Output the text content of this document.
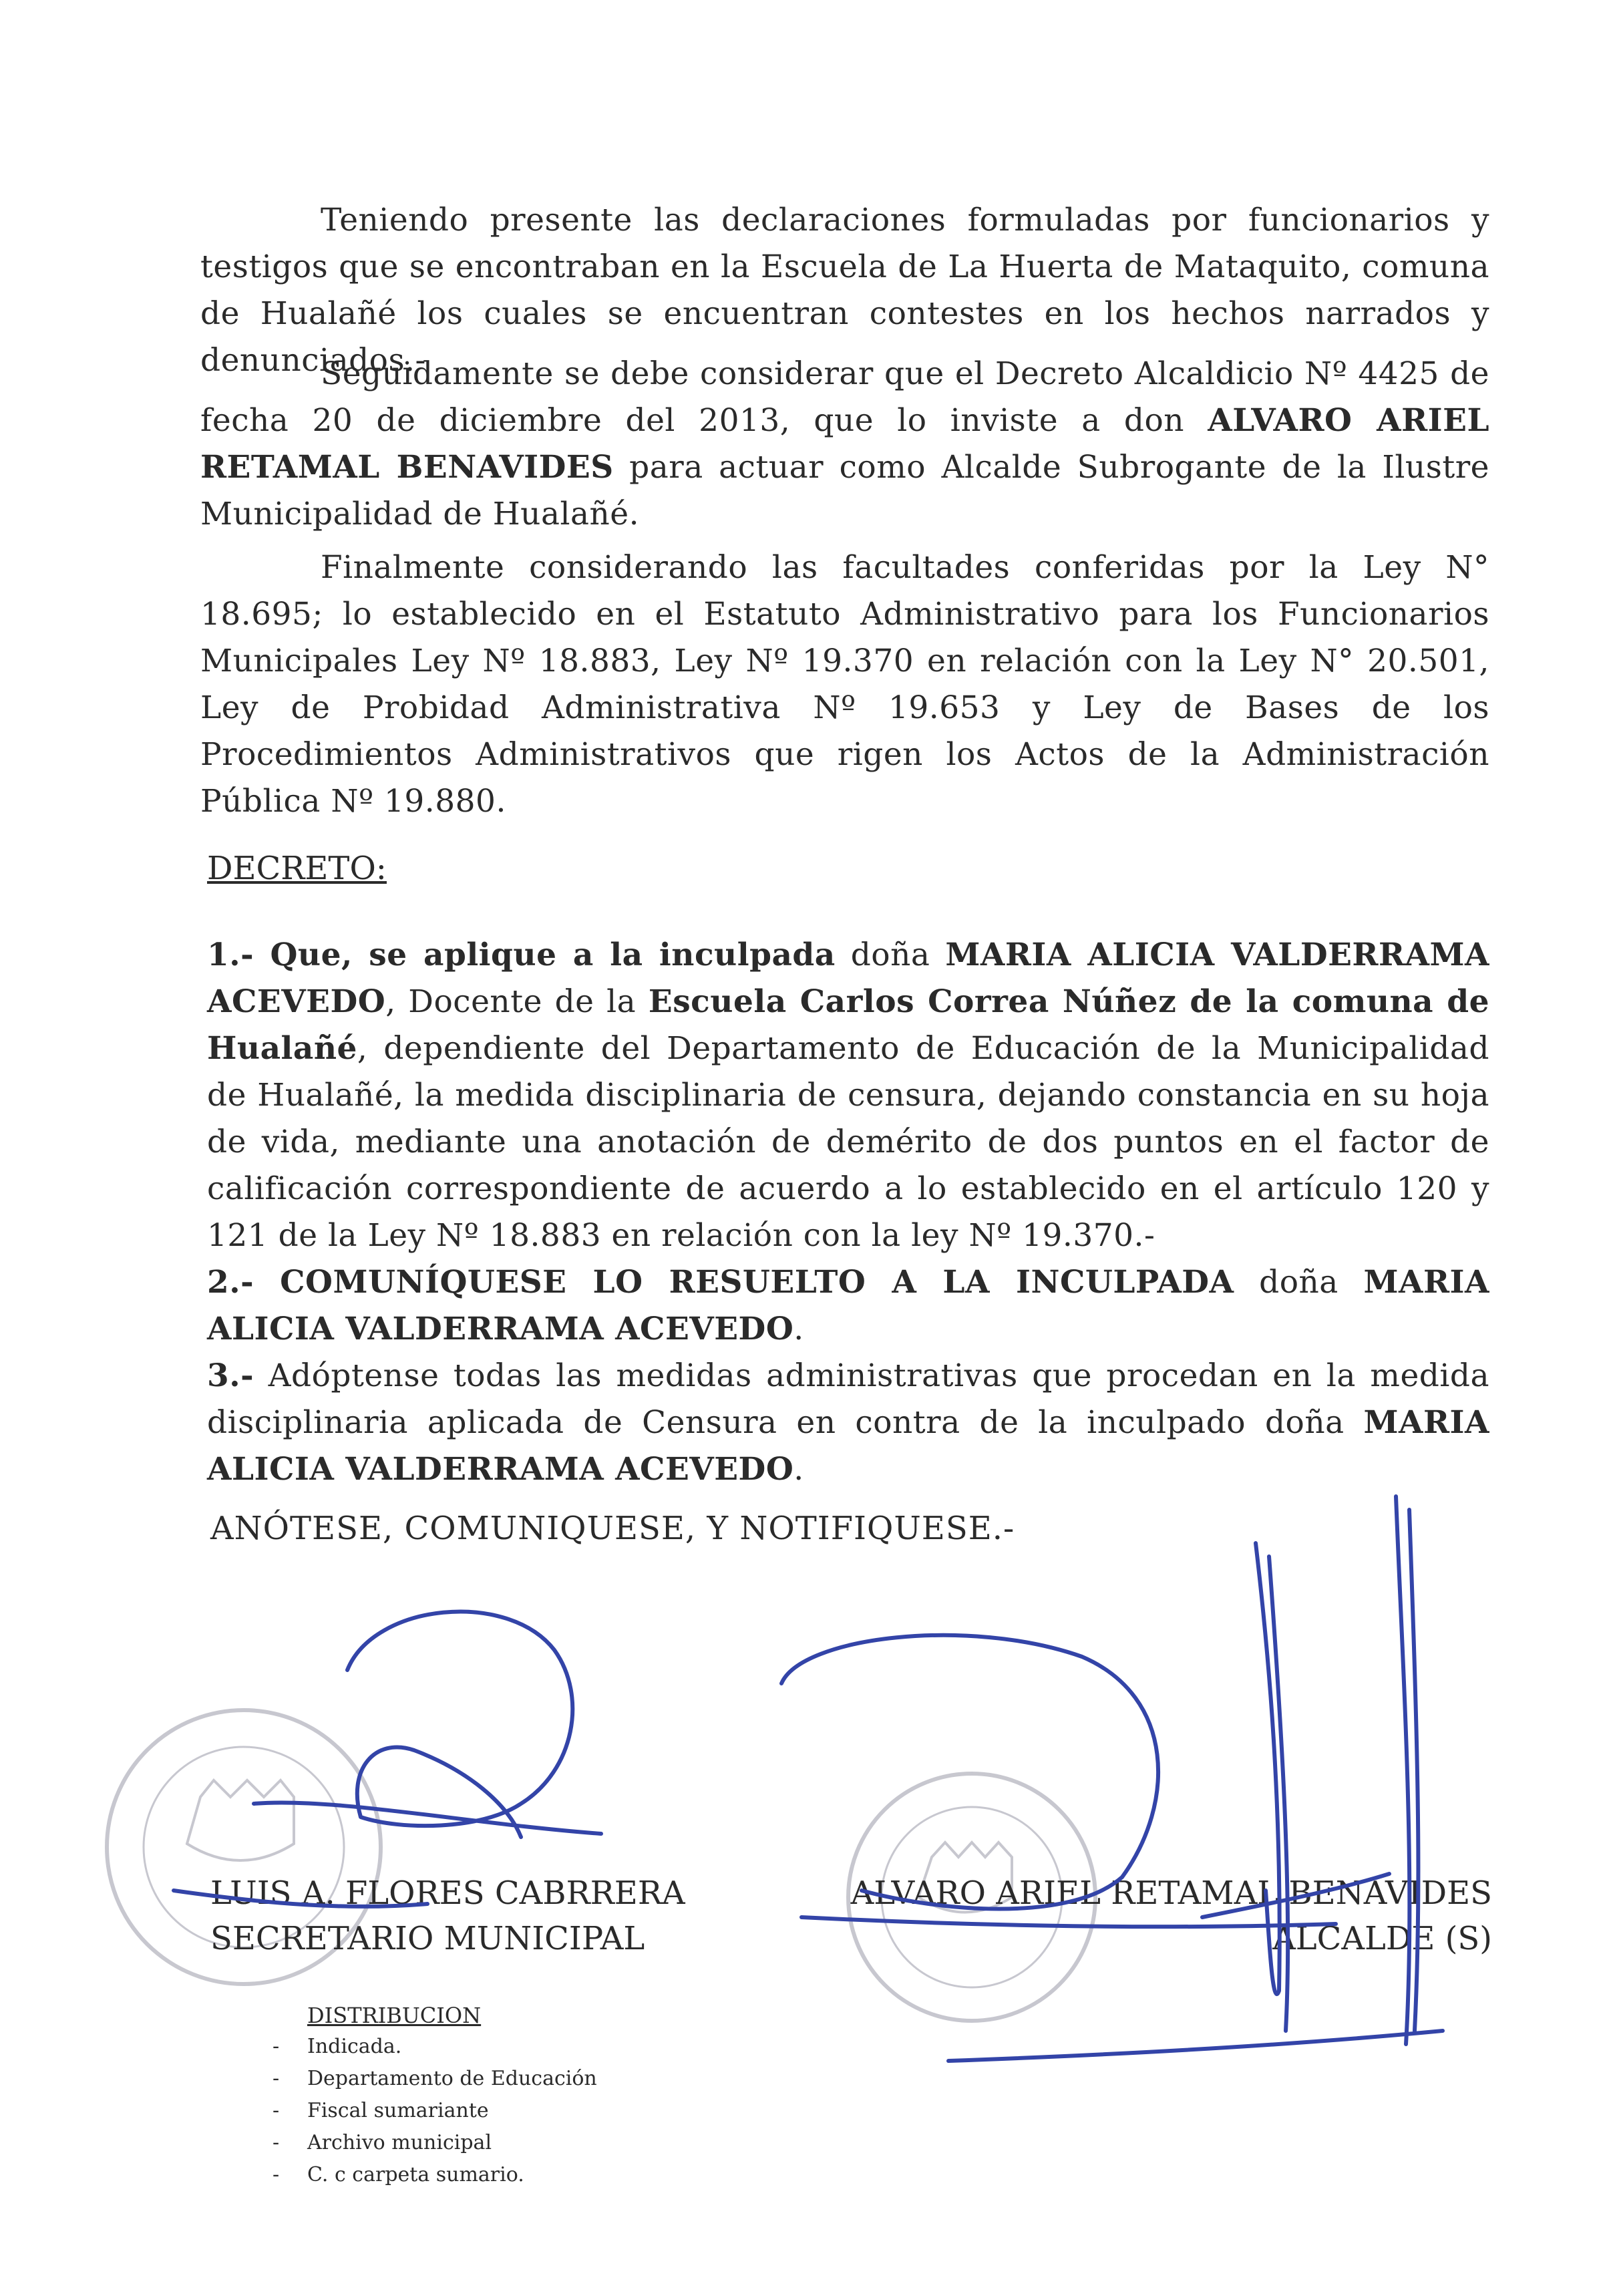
Teniendo presente las declaraciones formuladas por funcionarios y testigos que se encontraban en la Escuela de La Huerta de Mataquito, comuna de Hualañé los cuales se encuentran contestes en los hechos narrados y denunciados.-
Seguidamente se debe considerar que el Decreto Alcaldicio Nº 4425 de fecha 20 de diciembre del 2013, que lo inviste a don ALVARO ARIEL RETAMAL BENAVIDES para actuar como Alcalde Subrogante de la Ilustre Municipalidad de Hualañé.
Finalmente considerando las facultades conferidas por la Ley N° 18.695; lo establecido en el Estatuto Administrativo para los Funcionarios Municipales Ley Nº 18.883, Ley Nº 19.370 en relación con la Ley N° 20.501, Ley de Probidad Administrativa Nº 19.653 y Ley de Bases de los Procedimientos Administrativos que rigen los Actos de la Administración Pública Nº 19.880.
DECRETO:
1.- Que, se aplique a la inculpada doña MARIA ALICIA VALDERRAMA ACEVEDO, Docente de la Escuela Carlos Correa Núñez de la comuna de Hualañé, dependiente del Departamento de Educación de la Municipalidad de Hualañé, la medida disciplinaria de censura, dejando constancia en su hoja de vida, mediante una anotación de demérito de dos puntos en el factor de calificación correspondiente de acuerdo a lo establecido en el artículo 120 y 121 de la Ley Nº 18.883 en relación con la ley Nº 19.370.-
2.- COMUNÍQUESE LO RESUELTO A LA INCULPADA doña MARIA ALICIA VALDERRAMA ACEVEDO.
3.- Adóptense todas las medidas administrativas que procedan en la medida disciplinaria aplicada de Censura en contra de la inculpado doña MARIA ALICIA VALDERRAMA ACEVEDO.
ANÓTESE, COMUNIQUESE, Y NOTIFIQUESE.-
LUIS A. FLORES CABRRERA
SECRETARIO MUNICIPAL
ALVARO ARIEL RETAMAL BENAVIDES
ALCALDE (S)
DISTRIBUCION
- Indicada.
- Departamento de Educación
- Fiscal sumariante
- Archivo municipal
- C. c carpeta sumario.
